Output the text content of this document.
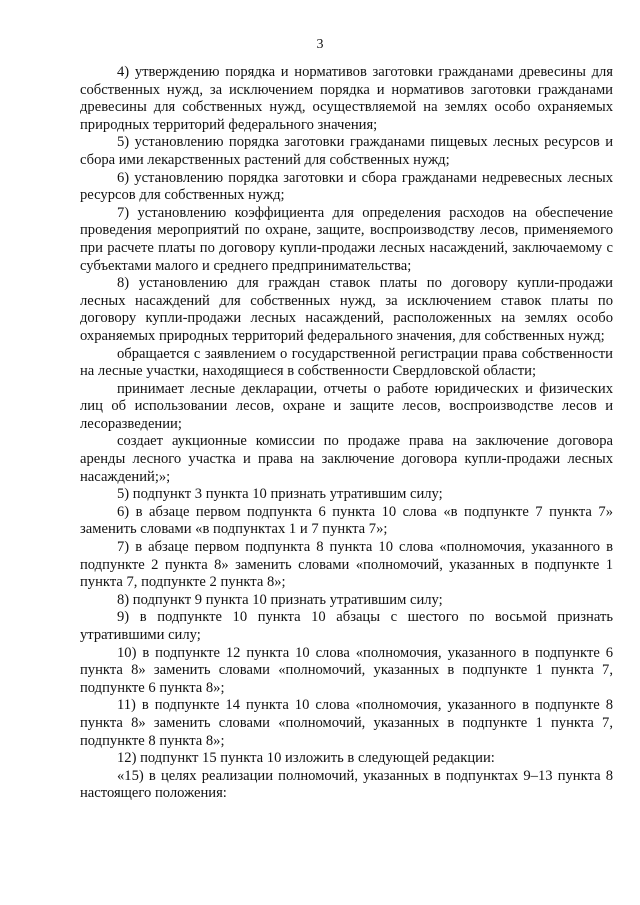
3

4) утверждению порядка и нормативов заготовки гражданами древесины для собственных нужд, за исключением порядка и нормативов заготовки гражданами древесины для собственных нужд, осуществляемой на землях особо охраняемых природных территорий федерального значения;

5) установлению порядка заготовки гражданами пищевых лесных ресурсов и сбора ими лекарственных растений для собственных нужд;

6) установлению порядка заготовки и сбора гражданами недревесных лесных ресурсов для собственных нужд;

7) установлению коэффициента для определения расходов на обеспечение проведения мероприятий по охране, защите, воспроизводству лесов, применяемого при расчете платы по договору купли-продажи лесных насаждений, заключаемому с субъектами малого и среднего предпринимательства;

8) установлению для граждан ставок платы по договору купли-продажи лесных насаждений для собственных нужд, за исключением ставок платы по договору купли-продажи лесных насаждений, расположенных на землях особо охраняемых природных территорий федерального значения, для собственных нужд;

обращается с заявлением о государственной регистрации права собственности на лесные участки, находящиеся в собственности Свердловской области;

принимает лесные декларации, отчеты о работе юридических и физических лиц об использовании лесов, охране и защите лесов, воспроизводстве лесов и лесоразведении;

создает аукционные комиссии по продаже права на заключение договора аренды лесного участка и права на заключение договора купли-продажи лесных насаждений;»;

5) подпункт 3 пункта 10 признать утратившим силу;

6) в абзаце первом подпункта 6 пункта 10 слова «в подпункте 7 пункта 7» заменить словами «в подпунктах 1 и 7 пункта 7»;

7) в абзаце первом подпункта 8 пункта 10 слова «полномочия, указанного в подпункте 2 пункта 8» заменить словами «полномочий, указанных в подпункте 1 пункта 7, подпункте 2 пункта 8»;

8) подпункт 9 пункта 10 признать утратившим силу;

9) в подпункте 10 пункта 10 абзацы с шестого по восьмой признать утратившими силу;

10) в подпункте 12 пункта 10 слова «полномочия, указанного в подпункте 6 пункта 8» заменить словами «полномочий, указанных в подпункте 1 пункта 7, подпункте 6 пункта 8»;

11) в подпункте 14 пункта 10 слова «полномочия, указанного в подпункте 8 пункта 8» заменить словами «полномочий, указанных в подпункте 1 пункта 7, подпункте 8 пункта 8»;

12) подпункт 15 пункта 10 изложить в следующей редакции:

«15) в целях реализации полномочий, указанных в подпунктах 9–13 пункта 8 настоящего положения:
